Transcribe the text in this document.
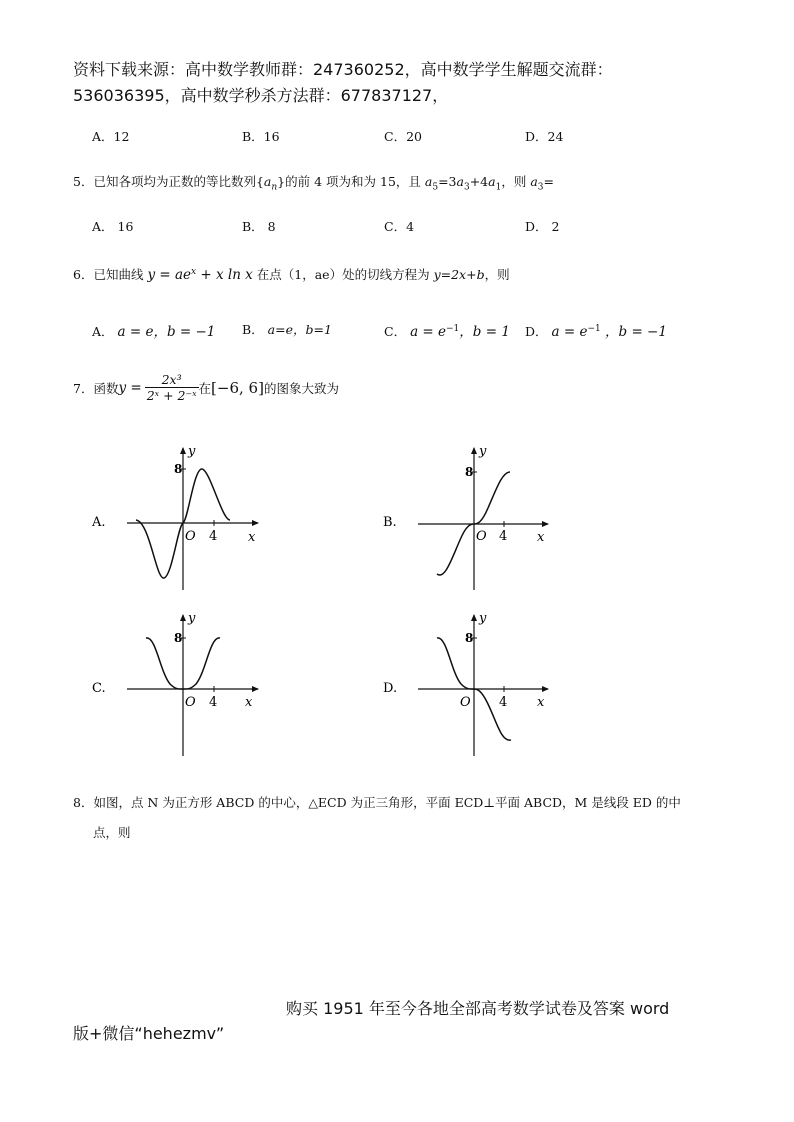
资料下载来源：高中数学教师群：247360252，高中数学学生解题交流群：
536036395，高中数学秒杀方法群：677837127，
A．12	B．16	C．20	D．24
5．已知各项均为正数的等比数列$\{a_n\}$的前 4 项为和为 15，且 $a_5=3a_3+4a_1$，则 $a_3=$
A． 16	B． 8	C．4	D． 2
6．已知曲线 $y = ae^x + x$ ln x 在点（1，ae）处的切线方程为 y=2x+b，则
A． a = e，b = −1 B． a=e，b=1	C． $a = e^{-1}$，b = 1 D． $a = e^{-1}$ ，b = −1
7． 函数 $y = \frac{\text{2x³}}{\text{2ˣ + 2⁻ˣ}}$ 在 [−6, 6] 的图象大致为
A.
8
y
x
O 4
B.
8
y
x
O 4
C.
8
y
x
O 4
D.
8
y
x
O 4
8．如图，点 N 为正方形 ABCD 的中心，△ECD 为正三角形，平面 ECD⊥平面 ABCD，M 是线段 ED 的中
点，则
购买 1951 年至今各地全部高考数学试卷及答案 word
版+微信“hehezmv”
